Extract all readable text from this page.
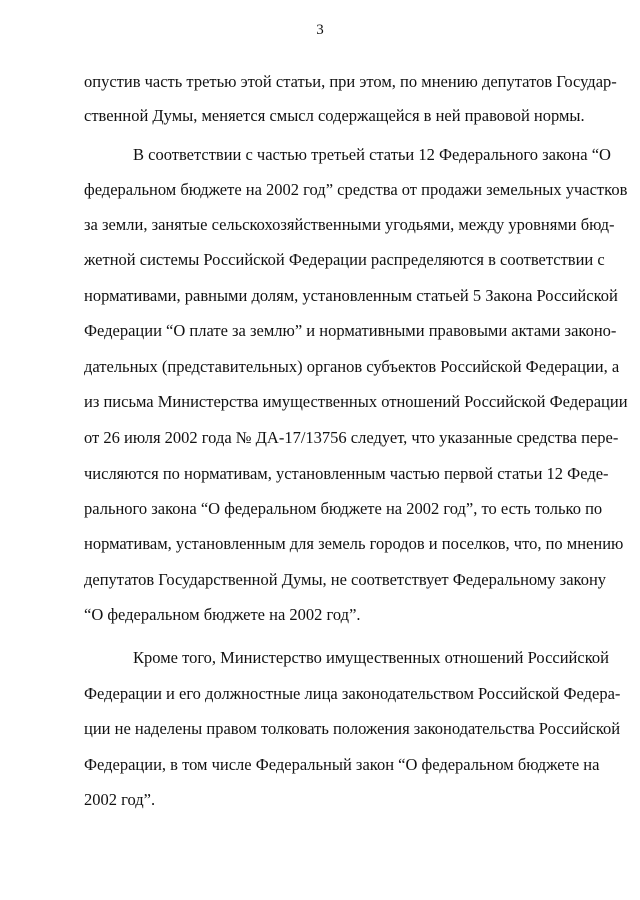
3
опустив часть третью этой статьи, при этом, по мнению депутатов Государ-
ственной Думы, меняется смысл содержащейся в ней правовой нормы.
В соответствии с частью третьей статьи 12 Федерального закона “О
федеральном бюджете на 2002 год” средства от продажи земельных участков
за земли, занятые сельскохозяйственными угодьями, между уровнями бюд-
жетной системы Российской Федерации распределяются в соответствии с
нормативами, равными долям, установленным статьей 5 Закона Российской
Федерации “О плате за землю” и нормативными правовыми актами законо-
дательных (представительных) органов субъектов Российской Федерации, а
из письма Министерства имущественных отношений Российской Федерации
от 26 июля 2002 года № ДА-17/13756 следует, что указанные средства пере-
числяются по нормативам, установленным частью первой статьи 12 Феде-
рального закона “О федеральном бюджете на 2002 год”, то есть только по
нормативам, установленным для земель городов и поселков, что, по мнению
депутатов Государственной Думы, не соответствует Федеральному закону
“О федеральном бюджете на 2002 год”.
Кроме того, Министерство имущественных отношений Российской
Федерации и его должностные лица законодательством Российской Федера-
ции не наделены правом толковать положения законодательства Российской
Федерации, в том числе Федеральный закон “О федеральном бюджете на
2002 год”.
